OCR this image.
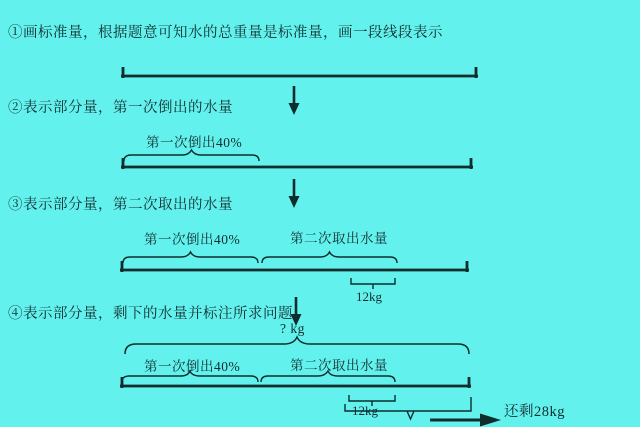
①画标准量，根据题意可知水的总重量是标准量，画一段线段表示
②表示部分量，第一次倒出的水量
第一次倒出40%
③表示部分量，第二次取出的水量
第一次倒出40%	第二次取出水量
12kg
④表示部分量，剩下的水量并标注所求问题
? kg
第一次倒出40%	第二次取出水量
12kg	还剩28kg
